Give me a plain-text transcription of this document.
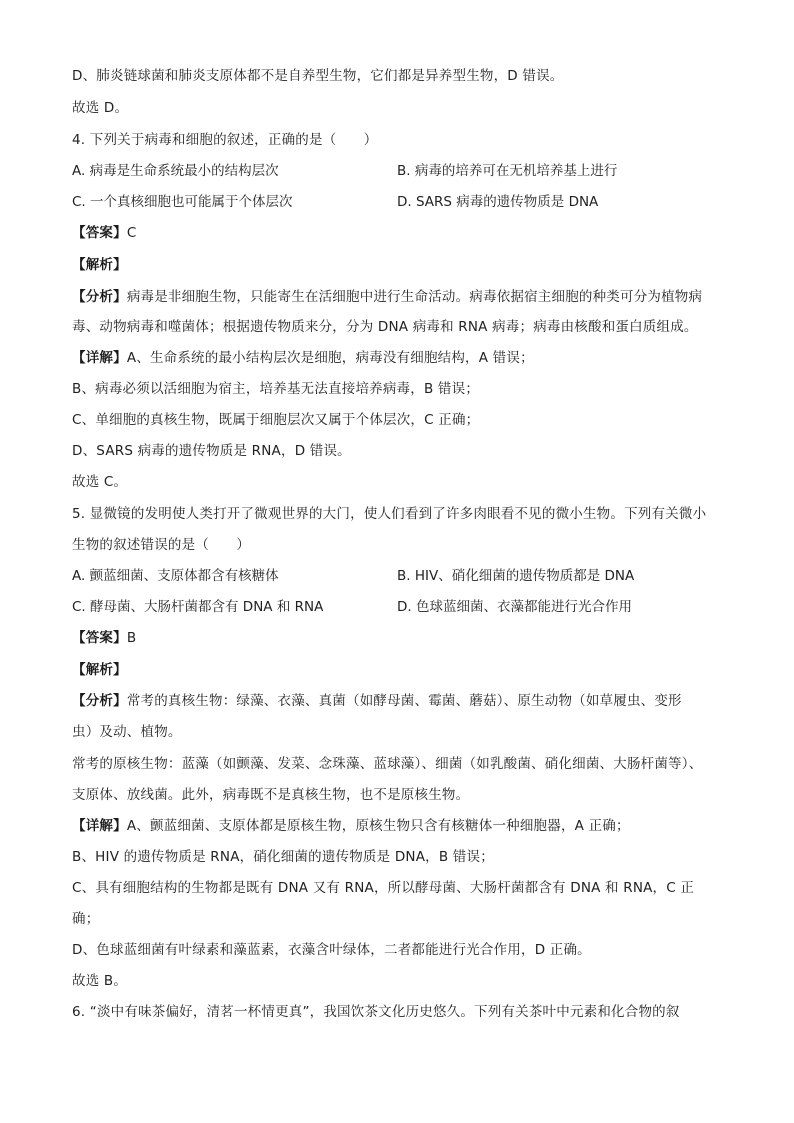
D、肺炎链球菌和肺炎支原体都不是自养型生物，它们都是异养型生物，D 错误。
故选 D。
4. 下列关于病毒和细胞的叙述，正确的是（　　）
A. 病毒是生命系统最小的结构层次	B. 病毒的培养可在无机培养基上进行
C. 一个真核细胞也可能属于个体层次	D. SARS 病毒的遗传物质是 DNA
【答案】C
【解析】
【分析】病毒是非细胞生物，只能寄生在活细胞中进行生命活动。病毒依据宿主细胞的种类可分为植物病
毒、动物病毒和噬菌体；根据遗传物质来分，分为 DNA 病毒和 RNA 病毒；病毒由核酸和蛋白质组成。
【详解】A、生命系统的最小结构层次是细胞，病毒没有细胞结构，A 错误；
B、病毒必须以活细胞为宿主，培养基无法直接培养病毒，B 错误；
C、单细胞的真核生物，既属于细胞层次又属于个体层次，C 正确；
D、SARS 病毒的遗传物质是 RNA，D 错误。
故选 C。
5. 显微镜的发明使人类打开了微观世界的大门，使人们看到了许多肉眼看不见的微小生物。下列有关微小
生物的叙述错误的是（　　）
A. 颤蓝细菌、支原体都含有核糖体	B. HIV、硝化细菌的遗传物质都是 DNA
C. 酵母菌、大肠杆菌都含有 DNA 和 RNA	D. 色球蓝细菌、衣藻都能进行光合作用
【答案】B
【解析】
【分析】常考的真核生物：绿藻、衣藻、真菌（如酵母菌、霉菌、蘑菇）、原生动物（如草履虫、变形
虫）及动、植物。
常考的原核生物：蓝藻（如颤藻、发菜、念珠藻、蓝球藻）、细菌（如乳酸菌、硝化细菌、大肠杆菌等）、
支原体、放线菌。此外，病毒既不是真核生物，也不是原核生物。
【详解】A、颤蓝细菌、支原体都是原核生物，原核生物只含有核糖体一种细胞器，A 正确；
B、HIV 的遗传物质是 RNA，硝化细菌的遗传物质是 DNA，B 错误；
C、具有细胞结构的生物都是既有 DNA 又有 RNA，所以酵母菌、大肠杆菌都含有 DNA 和 RNA，C 正
确；
D、色球蓝细菌有叶绿素和藻蓝素，衣藻含叶绿体，二者都能进行光合作用，D 正确。
故选 B。
6. “淡中有味茶偏好，清茗一杯情更真”，我国饮茶文化历史悠久。下列有关茶叶中元素和化合物的叙
